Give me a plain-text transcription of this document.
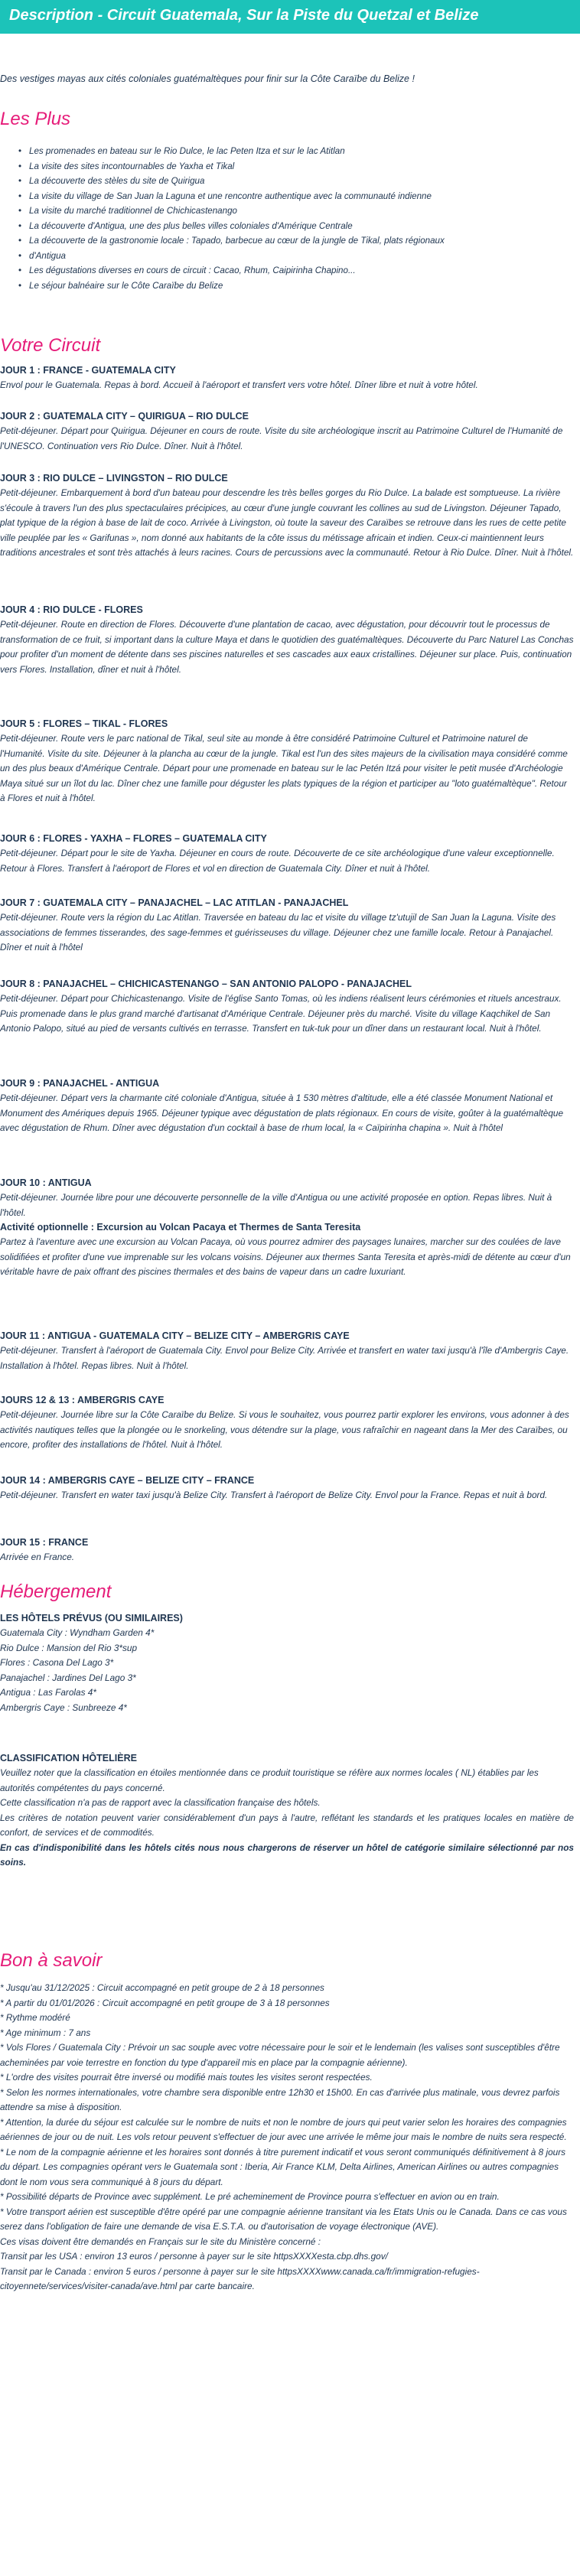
Description - Circuit Guatemala, Sur la Piste du Quetzal et Belize
Des vestiges mayas aux cités coloniales guatémaltèques pour finir sur la Côte Caraïbe du Belize !
Les Plus
• Les promenades en bateau sur le Rio Dulce, le lac Peten Itza et sur le lac Atitlan
• La visite des sites incontournables de Yaxha et Tikal
• La découverte des stèles du site de Quirigua
• La visite du village de San Juan la Laguna et une rencontre authentique avec la communauté indienne
• La visite du marché traditionnel de Chichicastenango
• La découverte d'Antigua, une des plus belles villes coloniales d'Amérique Centrale
• La découverte de la gastronomie locale : Tapado, barbecue au cœur de la jungle de Tikal, plats régionaux
• d'Antigua
• Les dégustations diverses en cours de circuit : Cacao, Rhum, Caipirinha Chapino...
• Le séjour balnéaire sur le Côte Caraïbe du Belize
Votre Circuit
JOUR 1 : FRANCE - GUATEMALA CITY
Envol pour le Guatemala. Repas à bord. Accueil à l'aéroport et transfert vers votre hôtel. Dîner libre et nuit à votre hôtel.
JOUR 2 : GUATEMALA CITY – QUIRIGUA – RIO DULCE
Petit-déjeuner. Départ pour Quirigua. Déjeuner en cours de route. Visite du site archéologique inscrit au Patrimoine Culturel de l'Humanité de l'UNESCO. Continuation vers Rio Dulce. Dîner. Nuit à l'hôtel.
JOUR 3 : RIO DULCE – LIVINGSTON – RIO DULCE
Petit-déjeuner. Embarquement à bord d'un bateau pour descendre les très belles gorges du Rio Dulce. La balade est somptueuse. La rivière s'écoule à travers l'un des plus spectaculaires précipices, au cœur d'une jungle couvrant les collines au sud de Livingston. Déjeuner Tapado, plat typique de la région à base de lait de coco. Arrivée à Livingston, où toute la saveur des Caraïbes se retrouve dans les rues de cette petite ville peuplée par les « Garifunas », nom donné aux habitants de la côte issus du métissage africain et indien. Ceux-ci maintiennent leurs traditions ancestrales et sont très attachés à leurs racines. Cours de percussions avec la communauté. Retour à Rio Dulce. Dîner. Nuit à l'hôtel.
JOUR 4 : RIO DULCE - FLORES
Petit-déjeuner. Route en direction de Flores. Découverte d'une plantation de cacao, avec dégustation, pour découvrir tout le processus de transformation de ce fruit, si important dans la culture Maya et dans le quotidien des guatémaltèques. Découverte du Parc Naturel Las Conchas pour profiter d'un moment de détente dans ses piscines naturelles et ses cascades aux eaux cristallines. Déjeuner sur place. Puis, continuation vers Flores. Installation, dîner et nuit à l'hôtel.
JOUR 5 : FLORES – TIKAL - FLORES
Petit-déjeuner. Route vers le parc national de Tikal, seul site au monde à être considéré Patrimoine Culturel et Patrimoine naturel de l'Humanité. Visite du site. Déjeuner à la plancha au cœur de la jungle. Tikal est l'un des sites majeurs de la civilisation maya considéré comme un des plus beaux d'Amérique Centrale. Départ pour une promenade en bateau sur le lac Petén Itzá pour visiter le petit musée d'Archéologie Maya situé sur un îlot du lac. Dîner chez une famille pour déguster les plats typiques de la région et participer au "loto guatémaltèque". Retour à Flores et nuit à l'hôtel.
JOUR 6 : FLORES - YAXHA – FLORES – GUATEMALA CITY
Petit-déjeuner. Départ pour le site de Yaxha. Déjeuner en cours de route. Découverte de ce site archéologique d'une valeur exceptionnelle. Retour à Flores. Transfert à l'aéroport de Flores et vol en direction de Guatemala City. Dîner et nuit à l'hôtel.
JOUR 7 : GUATEMALA CITY – PANAJACHEL – LAC ATITLAN - PANAJACHEL
Petit-déjeuner. Route vers la région du Lac Atitlan. Traversée en bateau du lac et visite du village tz'utujil de San Juan la Laguna. Visite des associations de femmes tisserandes, des sage-femmes et guérisseuses du village. Déjeuner chez une famille locale. Retour à Panajachel. Dîner et nuit à l'hôtel
JOUR 8 : PANAJACHEL – CHICHICASTENANGO – SAN ANTONIO PALOPO - PANAJACHEL
Petit-déjeuner. Départ pour Chichicastenango. Visite de l'église Santo Tomas, où les indiens réalisent leurs cérémonies et rituels ancestraux. Puis promenade dans le plus grand marché d'artisanat d'Amérique Centrale. Déjeuner près du marché. Visite du village Kaqchikel de San Antonio Palopo, situé au pied de versants cultivés en terrasse. Transfert en tuk-tuk pour un dîner dans un restaurant local. Nuit à l'hôtel.
JOUR 9 : PANAJACHEL - ANTIGUA
Petit-déjeuner. Départ vers la charmante cité coloniale d'Antigua, située à 1 530 mètres d'altitude, elle a été classée Monument National et Monument des Amériques depuis 1965. Déjeuner typique avec dégustation de plats régionaux. En cours de visite, goûter à la guatémaltèque avec dégustation de Rhum. Dîner avec dégustation d'un cocktail à base de rhum local, la « Caïpirinha chapina ». Nuit à l'hôtel
JOUR 10 : ANTIGUA
Petit-déjeuner. Journée libre pour une découverte personnelle de la ville d'Antigua ou une activité proposée en option. Repas libres. Nuit à l'hôtel.
Activité optionnelle : Excursion au Volcan Pacaya et Thermes de Santa Teresita
Partez à l'aventure avec une excursion au Volcan Pacaya, où vous pourrez admirer des paysages lunaires, marcher sur des coulées de lave solidifiées et profiter d'une vue imprenable sur les volcans voisins. Déjeuner aux thermes Santa Teresita et après-midi de détente au cœur d'un véritable havre de paix offrant des piscines thermales et des bains de vapeur dans un cadre luxuriant.
JOUR 11 : ANTIGUA - GUATEMALA CITY – BELIZE CITY – AMBERGRIS CAYE
Petit-déjeuner. Transfert à l'aéroport de Guatemala City. Envol pour Belize City. Arrivée et transfert en water taxi jusqu'à l'île d'Ambergris Caye. Installation à l'hôtel. Repas libres. Nuit à l'hôtel.
JOURS 12 & 13 : AMBERGRIS CAYE
Petit-déjeuner. Journée libre sur la Côte Caraïbe du Belize. Si vous le souhaitez, vous pourrez partir explorer les environs, vous adonner à des activités nautiques telles que la plongée ou le snorkeling, vous détendre sur la plage, vous rafraîchir en nageant dans la Mer des Caraïbes, ou encore, profiter des installations de l'hôtel. Nuit à l'hôtel.
JOUR 14 : AMBERGRIS CAYE – BELIZE CITY – FRANCE
Petit-déjeuner. Transfert en water taxi jusqu'à Belize City. Transfert à l'aéroport de Belize City. Envol pour la France. Repas et nuit à bord.
JOUR 15 : FRANCE
Arrivée en France.
Hébergement
LES HÔTELS PRÉVUS (OU SIMILAIRES)
Guatemala City : Wyndham Garden 4*
Rio Dulce : Mansion del Rio 3*sup
Flores : Casona Del Lago 3*
Panajachel : Jardines Del Lago 3*
Antigua : Las Farolas 4*
Ambergris Caye : Sunbreeze 4*
CLASSIFICATION HÔTELIÈRE
Veuillez noter que la classification en étoiles mentionnée dans ce produit touristique se réfère aux normes locales ( NL) établies par les autorités compétentes du pays concerné.
Cette classification n'a pas de rapport avec la classification française des hôtels.
Les critères de notation peuvent varier considérablement d'un pays à l'autre, reflétant les standards et les pratiques locales en matière de confort, de services et de commodités.
En cas d'indisponibilité dans les hôtels cités nous nous chargerons de réserver un hôtel de catégorie similaire sélectionné par nos soins.
Bon à savoir
* Jusqu'au 31/12/2025 : Circuit accompagné en petit groupe de 2 à 18 personnes
* A partir du 01/01/2026 : Circuit accompagné en petit groupe de 3 à 18 personnes
* Rythme modéré
* Age minimum : 7 ans
* Vols Flores / Guatemala City : Prévoir un sac souple avec votre nécessaire pour le soir et le lendemain (les valises sont susceptibles d'être acheminées par voie terrestre en fonction du type d'appareil mis en place par la compagnie aérienne).
* L'ordre des visites pourrait être inversé ou modifié mais toutes les visites seront respectées.
* Selon les normes internationales, votre chambre sera disponible entre 12h30 et 15h00. En cas d'arrivée plus matinale, vous devrez parfois attendre sa mise à disposition.
* Attention, la durée du séjour est calculée sur le nombre de nuits et non le nombre de jours qui peut varier selon les horaires des compagnies aériennes de jour ou de nuit. Les vols retour peuvent s'effectuer de jour avec une arrivée le même jour mais le nombre de nuits sera respecté.
* Le nom de la compagnie aérienne et les horaires sont donnés à titre purement indicatif et vous seront communiqués définitivement à 8 jours du départ. Les compagnies opérant vers le Guatemala sont : Iberia, Air France KLM, Delta Airlines, American Airlines ou autres compagnies dont le nom vous sera communiqué à 8 jours du départ.
* Possibilité départs de Province avec supplément. Le pré acheminement de Province pourra s'effectuer en avion ou en train.
* Votre transport aérien est susceptible d'être opéré par une compagnie aérienne transitant via les Etats Unis ou le Canada. Dans ce cas vous serez dans l'obligation de faire une demande de visa E.S.T.A. ou d'autorisation de voyage électronique (AVE).
Ces visas doivent être demandés en Français sur le site du Ministère concerné :
Transit par les USA : environ 13 euros / personne à payer sur le site httpsXXXXesta.cbp.dhs.gov/
Transit par le Canada : environ 5 euros / personne à payer sur le site httpsXXXXwww.canada.ca/fr/immigration-refugies-citoyennete/services/visiter-canada/ave.html par carte bancaire.
